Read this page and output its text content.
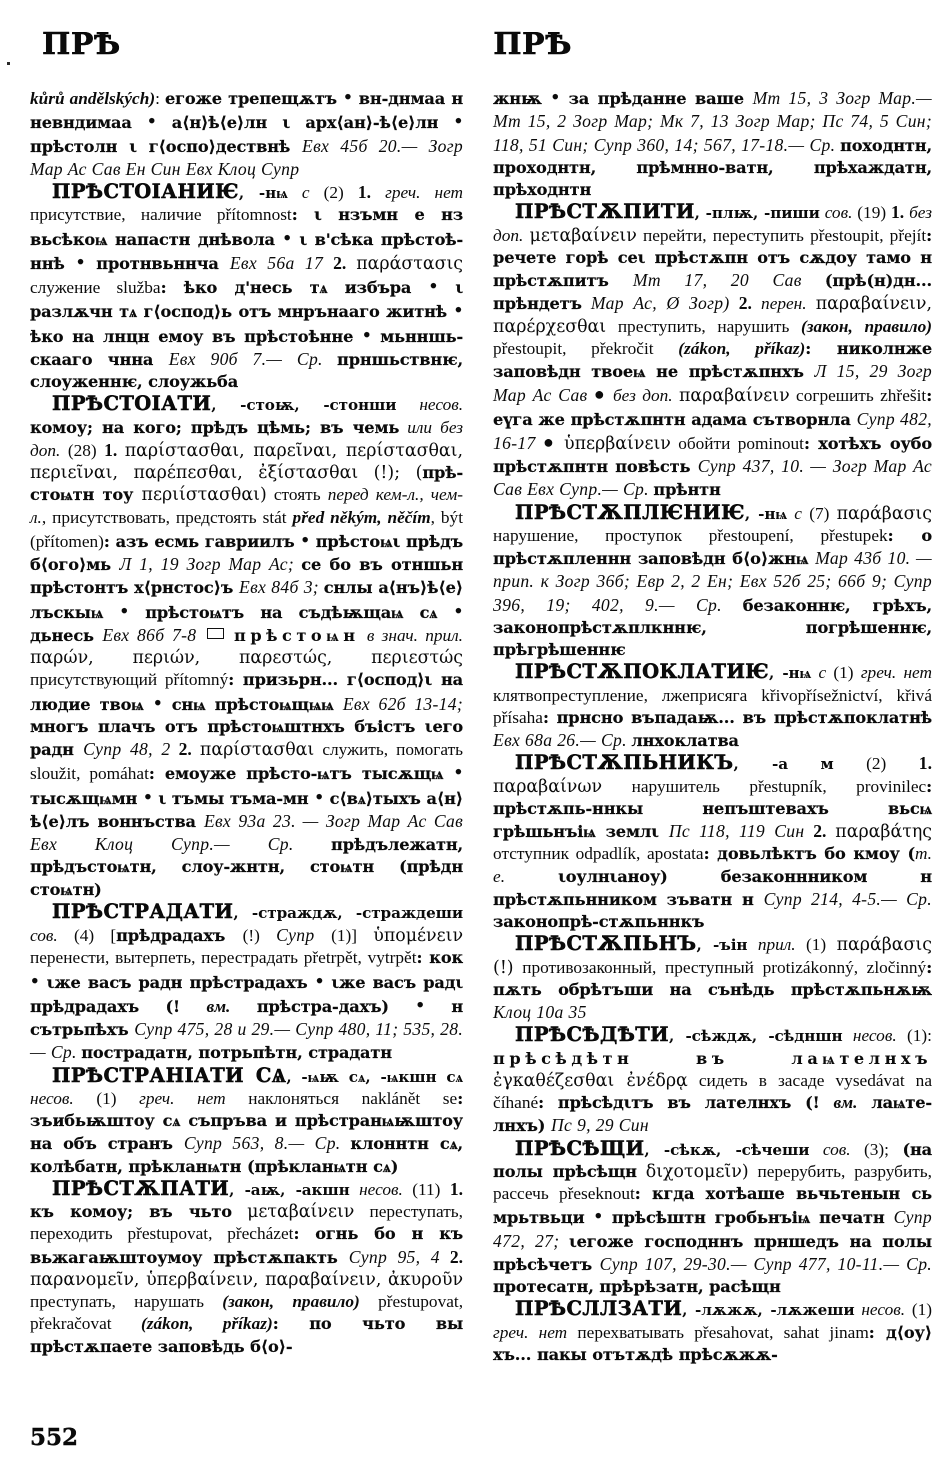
ПРѢ	ПРѢ

kůrů andělských): егоже трепещѫтъ • вн-днмаа н невндимаа • а⟨н⟩ѣ⟨е⟩лн ι арх⟨ан⟩-ѣ⟨е⟩лн • прѣстолн ι г⟨оспо⟩дествнѣ Евх 45б 20.— Зогр Мар Ас Сав Ен Син Евх Клоц Супр

ПРѢСТОІАНИѤ, -нѩ с (2) 1. греч. нет присутствие, наличие přítomnost: ι нзъмн е нз вьсѣкоѩ напастн днѣвола • ι в'сѣка прѣстоѣ-ннѣ • протнвьннча Евх 56а 17 2. παράστασις служение služba: ѣко д'несь тѧ избъра • ι разлѫчн тѧ г⟨оспод⟩ь отъ мнрънааго житнѣ • ѣко на лнцн емоу въ прѣстоѣнне • мьнншь-скааго чнна Евх 90б 7.— Ср. прншьствнѥ, слоуженнѥ, слоужьба

ПРѢСТОІАТИ, -стоѭ, -стонши несов. комоу; на кого; прѣдъ цѣмь; въ чемь или без доп. (28) 1. παρίστασθαι, παρεῖναι, περίστασθαι, περιεῖναι, παρέπεσθαι, ἐξίστασθαι (!); (прѣ-стоѩтн тоу περιίστασθαι) стоять перед кем-л., чем-л., присутствовать, предстоять stát před někým, něčím, být (přítomen): азъ есмь гавриилъ • прѣстоѩι прѣдъ б⟨ого⟩мь Л 1, 19 Зогр Мар Ас; се бо въ отншьн прѣстонтъ х⟨рнстос⟩ъ Евх 84б 3; снлы а⟨нъ⟩ѣ⟨е⟩лъскыѩ • прѣстоѩтъ на съдѣѭщаѩ сѧ • дьнесь Евх 86б 7-8 прѣстоѩн в знач. прил. παρών, περιών, παρεστώς, περιεστώς присутствующий přítomný: призьрн... г⟨оспод⟩ι на людие твоѩ • снѩ прѣстоѩщѩѩ Евх 62б 13-14; многъ плачъ отъ прѣстоѩштнхъ бъістъ ιего радн Супр 48, 2 2. παρίστασθαι служить, помогать sloužit, pomáhat: емоуже прѣсто-ѩтъ тысѫщѩ • тысѫщѩмн • ι тъмы тъма-мн • с⟨вѧ⟩тыхъ а⟨н⟩ѣ⟨е⟩лъ воннъства Евх 93а 23. — Зогр Мар Ас Сав Евх Клоц Супр.— Ср. прѣдълежатн, прѣдъстоѩтн, слоу-жнтн, стоѩтн (прѣдн стоѩтн)

ПРѢСТРАДАТИ, -страждѫ, -страждеши сов. (4) [прѣдрадахъ (!) Супр (1)] ὑπομένειν перенести, вытерпеть, перестрадать přetrpět, vytrpět: кок • ιже васъ радн прѣстрадахъ • ιже васъ радι прѣдрадахъ (! вм. прѣстра-дахъ) • н сътрьпѣхъ Супр 475, 28 и 29.— Супр 480, 11; 535, 28.— Ср. пострадатн, потрьпѣтн, страдатн

ПРѢСТРАНІАТИ СѦ, -ѩѭ сѧ, -ѩкшн сѧ несов. (1) греч. нет наклоняться naklánět se: зъибьѭштоу сѧ съпръва и прѣстранѩѭштоу на объ странъ Супр 563, 8.— Ср. клоннтн сѧ, колѣбатн, прѣкланѩтн (прѣкланѩтн сѧ)

ПРѢСТѪПАТИ, -аѭ, -акшн несов. (11) 1. къ комоу; въ чьто μεταβαίνειν переступать, переходить přestupovat, přecházet: огнь бо н къ вьжагаѭштоумоу прѣстѫпакть Супр 95, 4 2. παρανομεῖν, ὑπερβαίνειν, παραβαίνειν, ἀκυροῦν преступать, нарушать (закон, правило) přestupovat, překračovat (zákon, příkaz): по чьто вы прѣстѫпаете заповѣдь б⟨о⟩-

жнѭ • за прѣданне ваше Мт 15, 3 Зогр Мар.— Мт 15, 2 Зогр Мар; Мк 7, 13 Зогр Мар; Пс 74, 5 Син; 118, 51 Син; Супр 360, 14; 567, 17-18.— Ср. походнтн, проходнтн, прѣмнно-ватн, прѣхаждатн, прѣходнтн

ПРѢСТѪПИТИ, -плѭ, -пиши сов. (19) 1. без доп. μεταβαίνειν перейти, переступить přestoupit, přejít: речете горѣ сеι прѣстѫпн отъ сѫдоу тамо н прѣстѫпитъ Мт 17, 20 Сав (прѣ(н)дн... прѣндетъ Мар Ас, Ø Зогр) 2. перен. παραβαίνειν, παρέρχεσθαι преступить, нарушить (закон, правило) přestoupit, překročit (zákon, příkaz): николнже заповѣдн твоеѩ не прѣстѫпнхъ Л 15, 29 Зогр Мар Ас Сав ● без доп. παραβαίνειν согрешить zhřešit: еүга же прѣстѫпнтн адама сътворнла Супр 482, 16-17 ● ὑπερβαίνειν обойти pominout: хотѣхъ оубо прѣстѫпнтн повѣсть Супр 437, 10. — Зогр Мар Ас Сав Евх Супр.— Ср. прѣнтн

ПРѢСТѪПЛѤНИѤ, -нѩ с (7) παράβασις нарушение, проступок přestoupení, přestupek: о прѣстѫпленнн заповѣдн б⟨о⟩жнѩ Мар 43б 10. — прип. к Зогр 36б; Евр 2, 2 Ен; Евх 52б 25; 66б 9; Супр 396, 19; 402, 9.— Ср. безаконнѥ, грѣхъ, законопрѣстѫплкннѥ, погрѣшеннѥ, прѣгрѣшеннѥ

ПРѢСТѪПОКЛАТИѤ, -нѩ с (1) греч. нет клятвопреступление, лжеприсяга křivopřísežnictví, křivá přísaha: прнсно въпадаѭ... въ прѣстѫпоклатнѣ Евх 68а 26.— Ср. лнхоклатва

ПРѢСТѪПЬНИКЪ, -а м (2) 1. παραβαίνων нарушитель přestupník, provinilec: прѣстѫпь-ннкы непъштевахъ вьсѩ грѣшьнъіѩ землι Пс 118, 119 Син 2. παραβάτης отступник odpadlík, apostata: довьлѣктъ бо кмоу (т. е. ιоулнιаноу) безаконнником н прѣстѫпьнником зъватн н Супр 214, 4-5.— Ср. законопрѣ-стѫпьннкъ

ПРѢСТѪПЬНЪ, -ъін прил. (1) παράβασις (!) противозаконный, преступный protizákonný, zločinný: пѫть обрѣтъши на сънѣдь прѣстѫпьнѫѭ Клоц 10а 35

ПРѢСѢДѢТИ, -сѣждѫ, -сѣдншн несов. (1): прѣсѣдѣтн въ лаѩтелнхъ ἐγκαθέζεσθαι ἐνέδρᾳ сидеть в засаде vysedávat na číhané: прѣсѣдιтъ въ лателнхъ (! вм. лаѩте-лнхъ) Пс 9, 29 Син

ПРѢСѢЩИ, -сѣкѫ, -сѣчеши сов. (3); (на полы прѣсѣщн διχοτομεῖν) перерубить, разрубить, рассечь přeseknout: кгда хотѣаше вьчьтенын сь мрьтвьци • прѣсѣштн гробьнъіѩ печатн Супр 472, 27; ιегоже господннъ прншедъ на полы прѣсѣчетъ Супр 107, 29-30.— Супр 477, 10-11.— Ср. протесатн, прѣрѣзатн, расѣщн

ПРѢСЛЛЗАТИ, -лѫжѫ, -лѫжеши несов. (1) греч. нет перехватывать přesahovat, sahat jinam: д⟨оу⟩хъ... пакы отътѫдѣ прѣсѫжѫ-

552
